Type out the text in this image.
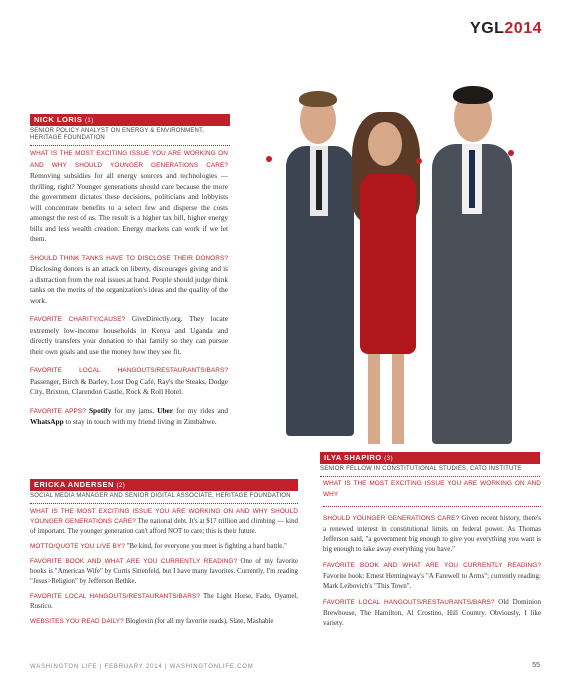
YGL2014
NICK LORIS (1)
SENIOR POLICY ANALYST ON ENERGY & ENVIRONMENT, HERITAGE FOUNDATION

WHAT IS THE MOST EXCITING ISSUE YOU ARE WORKING ON AND WHY SHOULD YOUNGER GENERATIONS CARE? Removing subsidies for all energy sources and technologies — thrilling, right? Younger generations should care because the more the government dictates these decisions, politicians and lobbyists will concentrate benefits to a select few and disperse the costs amongst the rest of us. The result is a higher tax bill, higher energy bills and less wealth creation. Energy markets can work if we let them.

SHOULD THINK TANKS HAVE TO DISCLOSE THEIR DONORS? Disclosing donors is an attack on liberty, discourages giving and is a distraction from the real issues at hand. People should judge think tanks on the merits of the organization's ideas and the quality of the work.

FAVORITE CHARITY/CAUSE? GiveDirectly.org. They locate extremely low-income households in Kenya and Uganda and directly transfers your donation to that family so they can pursue their own goals and use the money how they see fit.

FAVORITE LOCAL HANGOUTS/RESTAURANTS/BARS? Passenger, Birch & Barley, Lost Dog Café, Ray's the Steaks, Dodge City, Brixton, Clarendon Castle, Rock & Roll Hotel.

FAVORITE APPS? Spotify for my jams, Uber for my rides and WhatsApp to stay in touch with my friend living in Zimbabwe.

ERICKA ANDERSEN (2)
SOCIAL MEDIA MANAGER AND SENIOR DIGITAL ASSOCIATE, HERITAGE FOUNDATION

WHAT IS THE MOST EXCITING ISSUE YOU ARE WORKING ON AND WHY SHOULD YOUNGER GENERATIONS CARE? The national debt. It's at $17 trillion and climbing — kind of important. The younger generation can't afford NOT to care; this is their future.

MOTTO/QUOTE YOU LIVE BY? "Be kind, for everyone you meet is fighting a hard battle."

FAVORITE BOOK AND WHAT ARE YOU CURRENTLY READING? One of my favorite books is "American Wife" by Curtis Sittenfeld, but I have many favorites. Currently, I'm reading "Jesus>Religion" by Jefferson Bethke.

FAVORITE LOCAL HANGOUTS/RESTAURANTS/BARS? The Light Horse, Fado, Oyamel, Rustico.

WEBSITES YOU READ DAILY? Bloglovin (for all my favorite reads), Slate, Mashable

ILYA SHAPIRO (3)
SENIOR FELLOW IN CONSTITUTIONAL STUDIES, CATO INSTITUTE

WHAT IS THE MOST EXCITING ISSUE YOU ARE WORKING ON AND WHY

SHOULD YOUNGER GENERATIONS CARE? Given recent history, there's a renewed interest in constitutional limits on federal power. As Thomas Jefferson said, "a government big enough to give you everything you want is big enough to take away everything you have."

FAVORITE BOOK AND WHAT ARE YOU CURRENTLY READING? Favorite book: Ernest Hemingway's "A Farewell to Arms"; currently reading: Mark Leibovich's "This Town".

FAVORITE LOCAL HANGOUTS/RESTAURANTS/BARS? Old Dominion Brewhouse, The Hamilton, Al Crostino, Hill Country. Obviously, I like variety.

WASHINGTON LIFE | FEBRUARY 2014 | WASHINGTONLIFE.COM	55
